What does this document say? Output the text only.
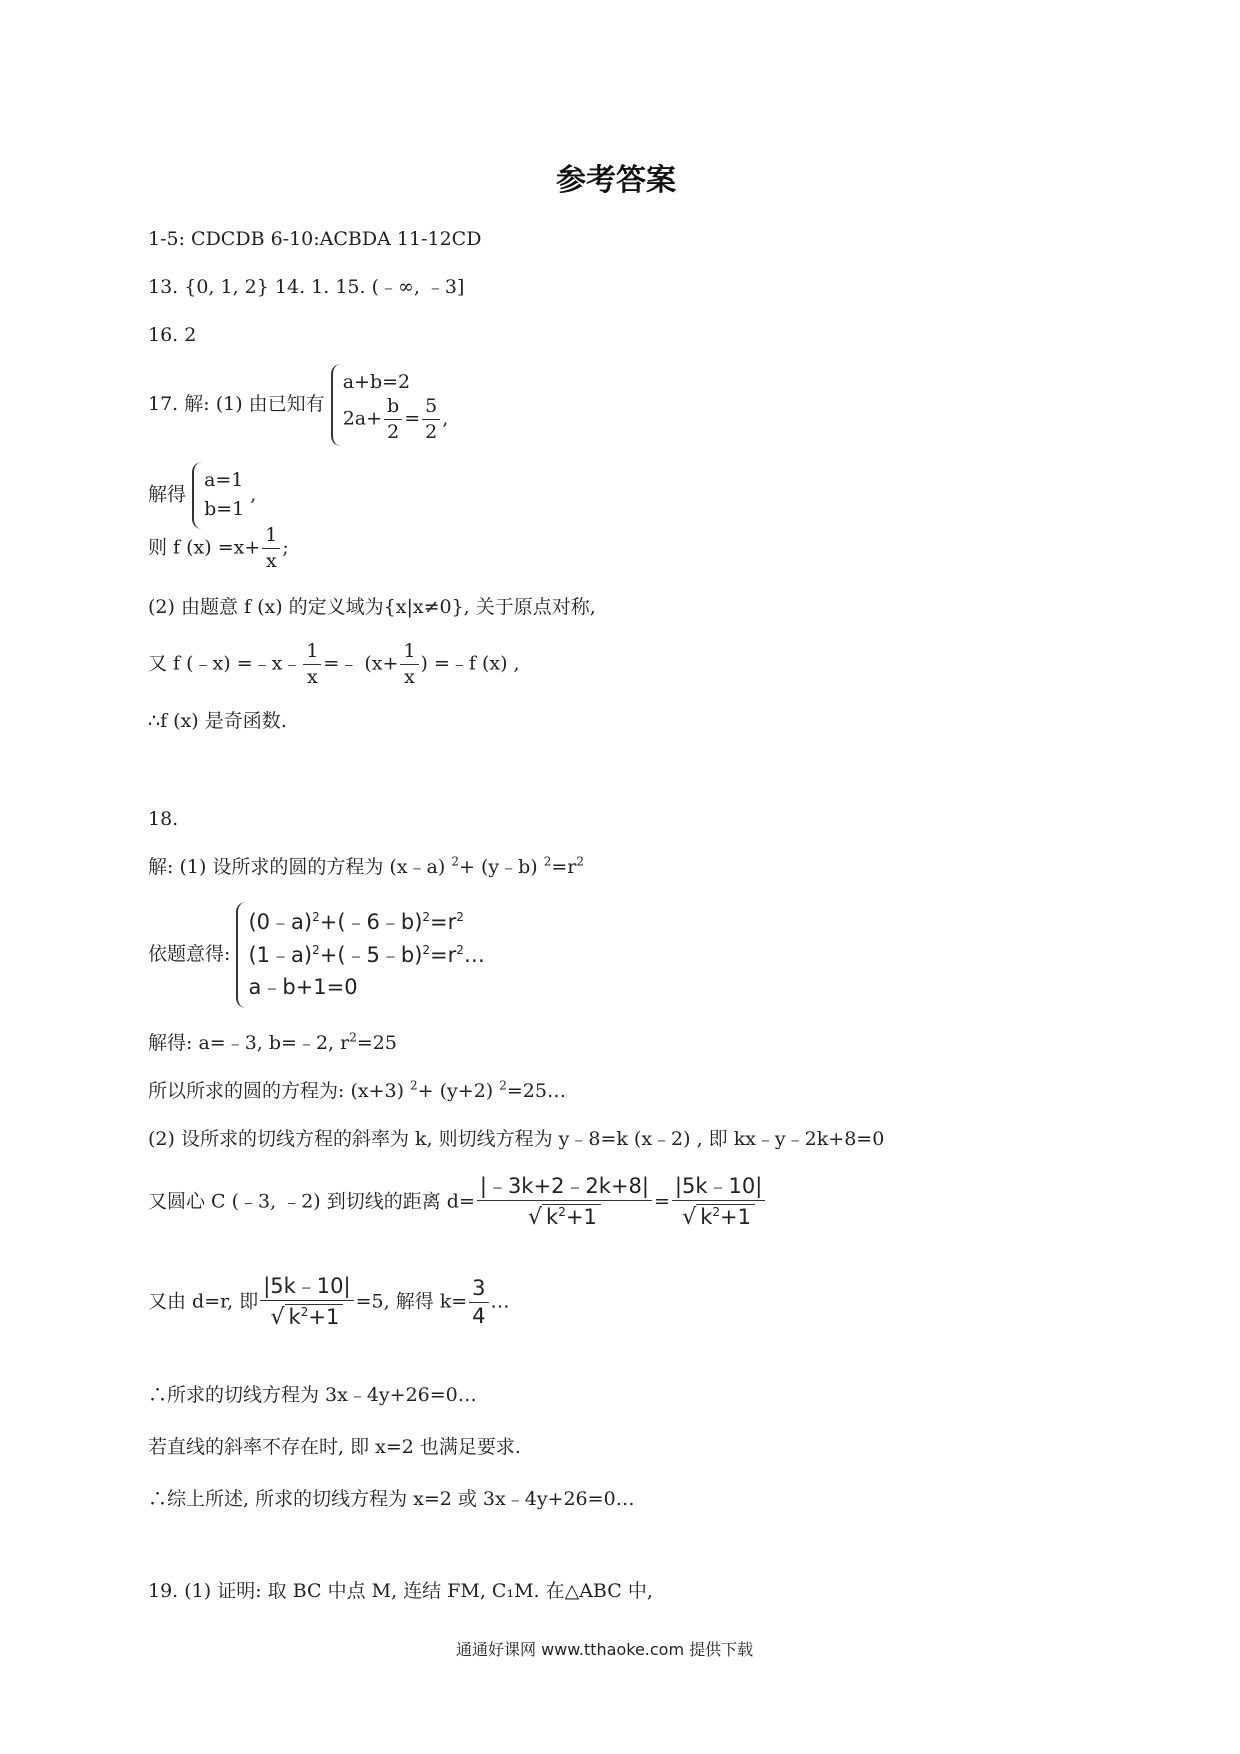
参考答案
1-5: CDCDB 6-10:ACBDA 11-12CD
13. {0, 1, 2} 14. 1. 15. (﹣∞, ﹣3]
16. 2
17. 解: (1) 由已知有
a+b=2
$2a+ \frac{b}{2} = \frac{5}{2}$ ,
解得
a=1
b=1
,
则 f $(x) =x+ \frac{1}{x}$ ;
(2) 由题意 f (x) 的定义域为{x|x≠0}, 关于原点对称,
又 f (﹣x) =﹣x﹣ $\frac{1}{x}$ =﹣ ($x+ \frac{1}{x}$ ) =﹣f (x) ,
∴f (x) 是奇函数.
18.
解: (1) 设所求的圆的方程为 (x﹣a) $^2$+ (y﹣b) $^2=r^2$
依题意得:
$(0﹣a)^2+(﹣6﹣b)^2=r^2$
$(1﹣a)^2+(﹣5﹣b)^2=r^2\dots$
a﹣b+1=0
解得: a=﹣3, b=﹣2, $r^2=25$
所以所求的圆的方程为: (x+3) $^2$+ (y+2) $^2$=25…
(2) 设所求的切线方程的斜率为 k, 则切线方程为 y﹣8=k (x﹣2) , 即 kx﹣y﹣2k+8=0
又圆心 C (﹣3, ﹣2) 到切线的距离 $d= \frac{|﹣3k+2﹣2k+8|}{√ k^2+1} = \frac{|5k﹣10|}{√ k^2+1}$
又由 d=r, 即 $\frac{|5k﹣10|}{√ k^2+1} =5$, 解得 $k= \frac{3}{4}$ …
∴所求的切线方程为 3x﹣4y+26=0…
若直线的斜率不存在时, 即 x=2 也满足要求.
∴综上所述, 所求的切线方程为 x=2 或 3x﹣4y+26=0…
19. (1) 证明: 取 BC 中点 M, 连结 FM, C₁M. 在△ABC 中,
通通好课网 www.tthaoke.com 提供下载
